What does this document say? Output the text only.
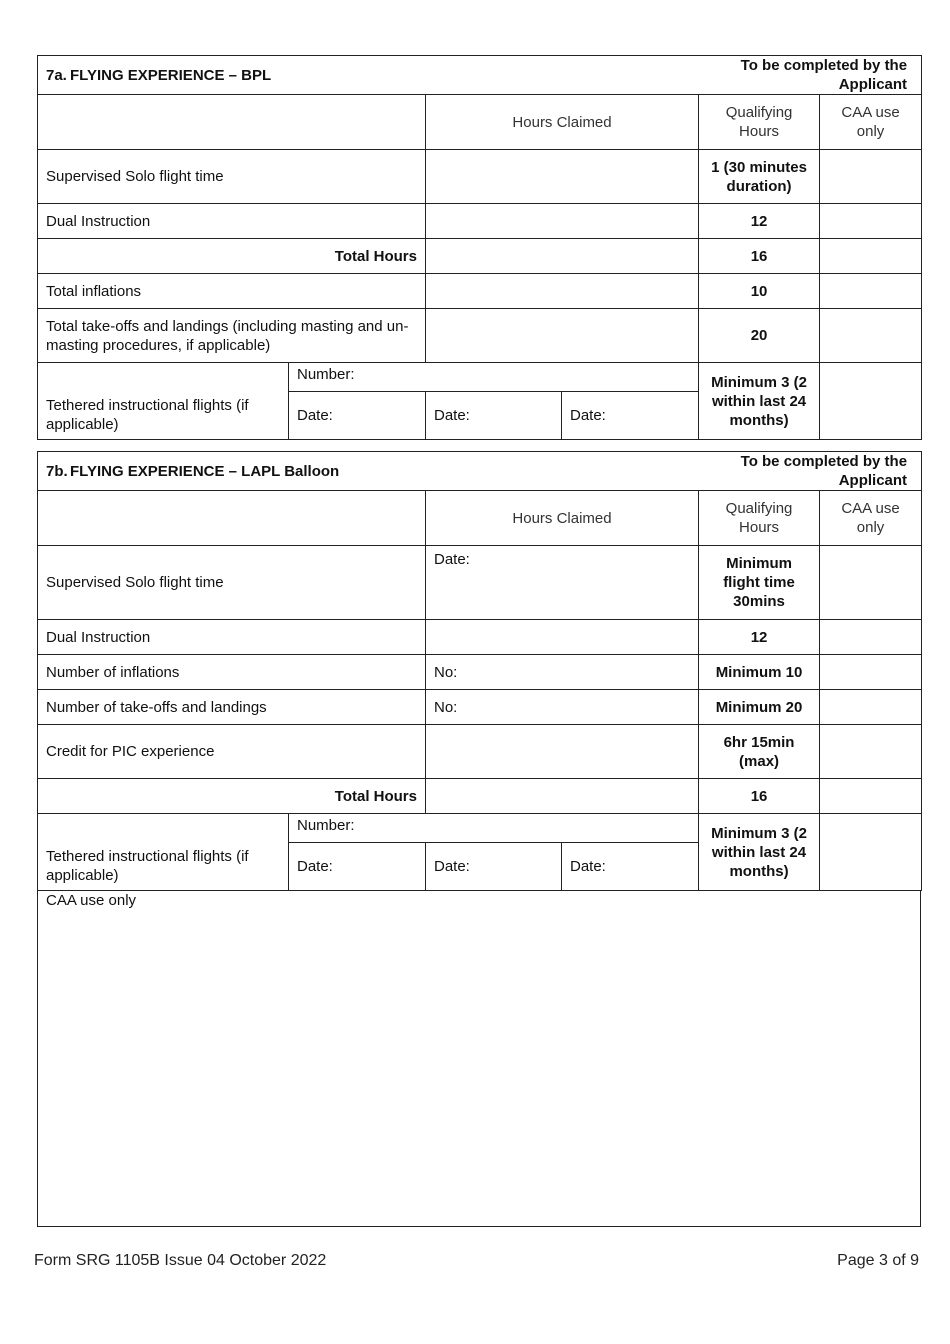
7a. FLYING EXPERIENCE – BPL				To be completed by the Applicant	
		Hours Claimed		Qualifying Hours	CAA use only
Supervised Solo flight time				1 (30 minutes duration)	
Dual Instruction				12	
Total Hours				16	
Total inflations				10	
Total take-offs and landings (including masting and un-masting procedures, if applicable)				20	
	Number:			Minimum 3 (2 within last 24 months)	
Tethered instructional flights (if applicable)	Date:	Date:	Date:		
7b. FLYING EXPERIENCE – LAPL Balloon				To be completed by the Applicant	
		Hours Claimed		Qualifying Hours	CAA use only
Supervised Solo flight time		Date:		Minimum flight time 30mins	
Dual Instruction				12	
Number of inflations		No:		Minimum 10	
Number of take-offs and landings		No:		Minimum 20	
Credit for PIC experience				6hr 15min (max)	
Total Hours				16	
	Number:			Minimum 3 (2 within last 24 months)	
Tethered instructional flights (if applicable)	Date:	Date:	Date:		
CAA use only
Form SRG 1105B Issue 04 October 2022	Page 3 of 9
